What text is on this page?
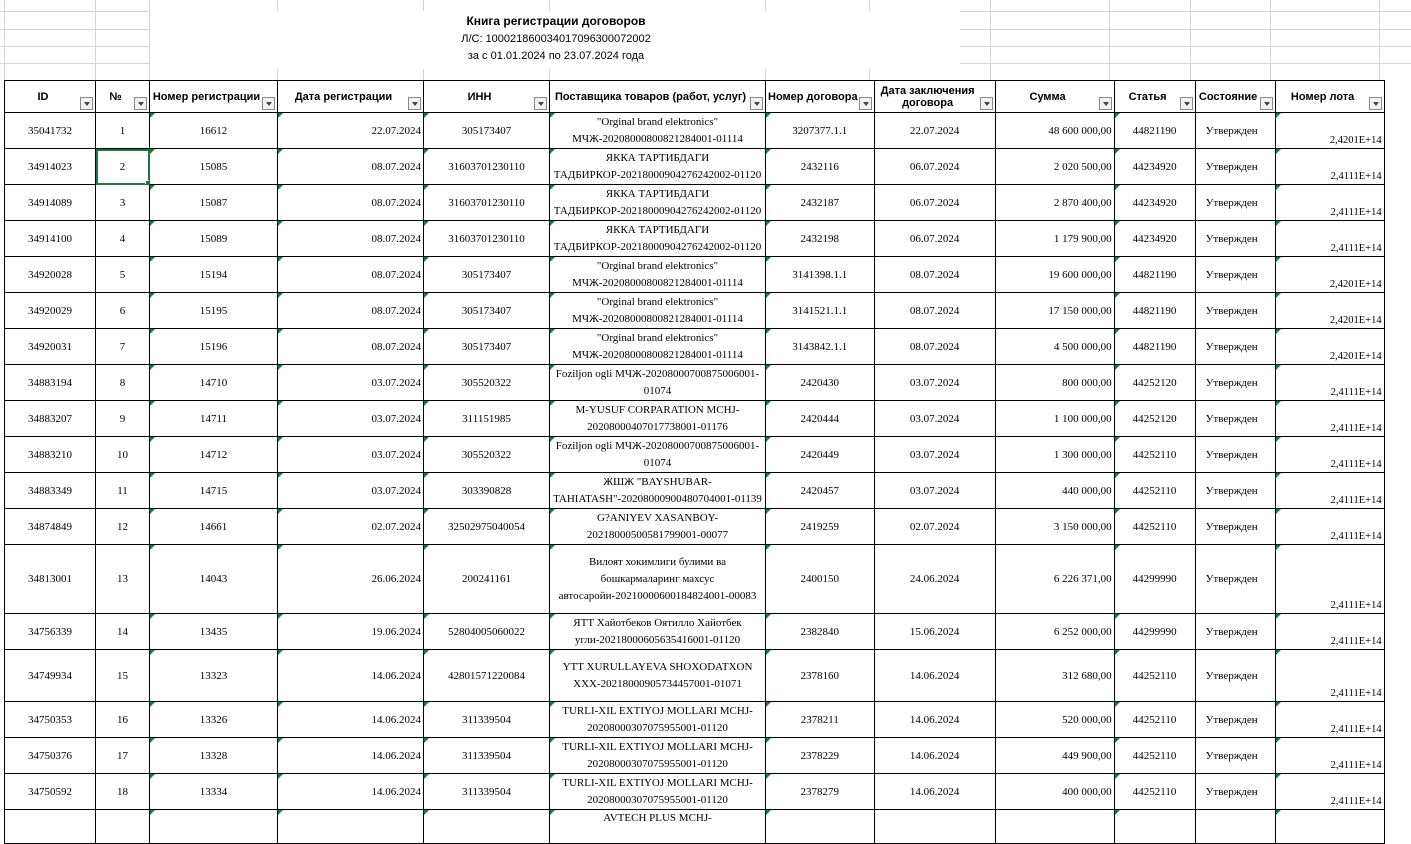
Книга регистрации договоров
Л/С: 100021860034017096300072002
за с 01.01.2024 по 23.07.2024 года
ID	№	Номер регистрации	Дата регистрации	ИНН	Поставщика товаров (работ, услуг)	Номер договора	Дата заключения договора	Сумма	Статья	Состояние	Номер лота

35041732	1	16612	22.07.2024	305173407	"Orginal brand elektronics" МЧЖ-20208000800821284001-01114	3207377.1.1	22.07.2024	48 600 000,00	44821190	Утвержден	2,4201E+14
34914023	2	15085	08.07.2024	31603701230110	ЯККА ТАРТИБДАГИ ТАДБИРКОР-20218000904276242002-01120	2432116	06.07.2024	2 020 500,00	44234920	Утвержден	2,4111E+14
34914089	3	15087	08.07.2024	31603701230110	ЯККА ТАРТИБДАГИ ТАДБИРКОР-20218000904276242002-01120	2432187	06.07.2024	2 870 400,00	44234920	Утвержден	2,4111E+14
34914100	4	15089	08.07.2024	31603701230110	ЯККА ТАРТИБДАГИ ТАДБИРКОР-20218000904276242002-01120	2432198	06.07.2024	1 179 900,00	44234920	Утвержден	2,4111E+14
34920028	5	15194	08.07.2024	305173407	"Orginal brand elektronics" МЧЖ-20208000800821284001-01114	3141398.1.1	08.07.2024	19 600 000,00	44821190	Утвержден	2,4201E+14
34920029	6	15195	08.07.2024	305173407	"Orginal brand elektronics" МЧЖ-20208000800821284001-01114	3141521.1.1	08.07.2024	17 150 000,00	44821190	Утвержден	2,4201E+14
34920031	7	15196	08.07.2024	305173407	"Orginal brand elektronics" МЧЖ-20208000800821284001-01114	3143842.1.1	08.07.2024	4 500 000,00	44821190	Утвержден	2,4201E+14
34883194	8	14710	03.07.2024	305520322	Foziljon ogli МЧЖ-20208000700875006001-01074	2420430	03.07.2024	800 000,00	44252120	Утвержден	2,4111E+14
34883207	9	14711	03.07.2024	311151985	M-YUSUF CORPARATION MCHJ-20208000407017738001-01176	2420444	03.07.2024	1 100 000,00	44252120	Утвержден	2,4111E+14
34883210	10	14712	03.07.2024	305520322	Foziljon ogli МЧЖ-20208000700875006001-01074	2420449	03.07.2024	1 300 000,00	44252110	Утвержден	2,4111E+14
34883349	11	14715	03.07.2024	303390828	ЖШЖ "BAYSHUBAR-TAHIATASH"-20208000900480704001-01139	2420457	03.07.2024	440 000,00	44252110	Утвержден	2,4111E+14
34874849	12	14661	02.07.2024	32502975040054	G?ANIYEV XASANBOY-20218000500581799001-00077	2419259	02.07.2024	3 150 000,00	44252110	Утвержден	2,4111E+14
34813001	13	14043	26.06.2024	200241161	Вилоят хокимлиги булими ва бошкармаларинг махсус автосаройи-20210000600184824001-00083	2400150	24.06.2024	6 226 371,00	44299990	Утвержден	2,4111E+14
34756339	14	13435	19.06.2024	52804005060022	ЯТТ Хайотбеков Оятилло Хайотбек угли-20218000605635416001-01120	2382840	15.06.2024	6 252 000,00	44299990	Утвержден	2,4111E+14
34749934	15	13323	14.06.2024	42801571220084	YTT XURULLAYEVA SHOXODATXON XXX-20218000905734457001-01071	2378160	14.06.2024	312 680,00	44252110	Утвержден	2,4111E+14
34750353	16	13326	14.06.2024	311339504	TURLI-XIL EXTIYOJ MOLLARI MCHJ-20208000307075955001-01120	2378211	14.06.2024	520 000,00	44252110	Утвержден	2,4111E+14
34750376	17	13328	14.06.2024	311339504	TURLI-XIL EXTIYOJ MOLLARI MCHJ-20208000307075955001-01120	2378229	14.06.2024	449 900,00	44252110	Утвержден	2,4111E+14
34750592	18	13334	14.06.2024	311339504	TURLI-XIL EXTIYOJ MOLLARI MCHJ-20208000307075955001-01120	2378279	14.06.2024	400 000,00	44252110	Утвержден	2,4111E+14
					AVTECH PLUS MCHJ-						
